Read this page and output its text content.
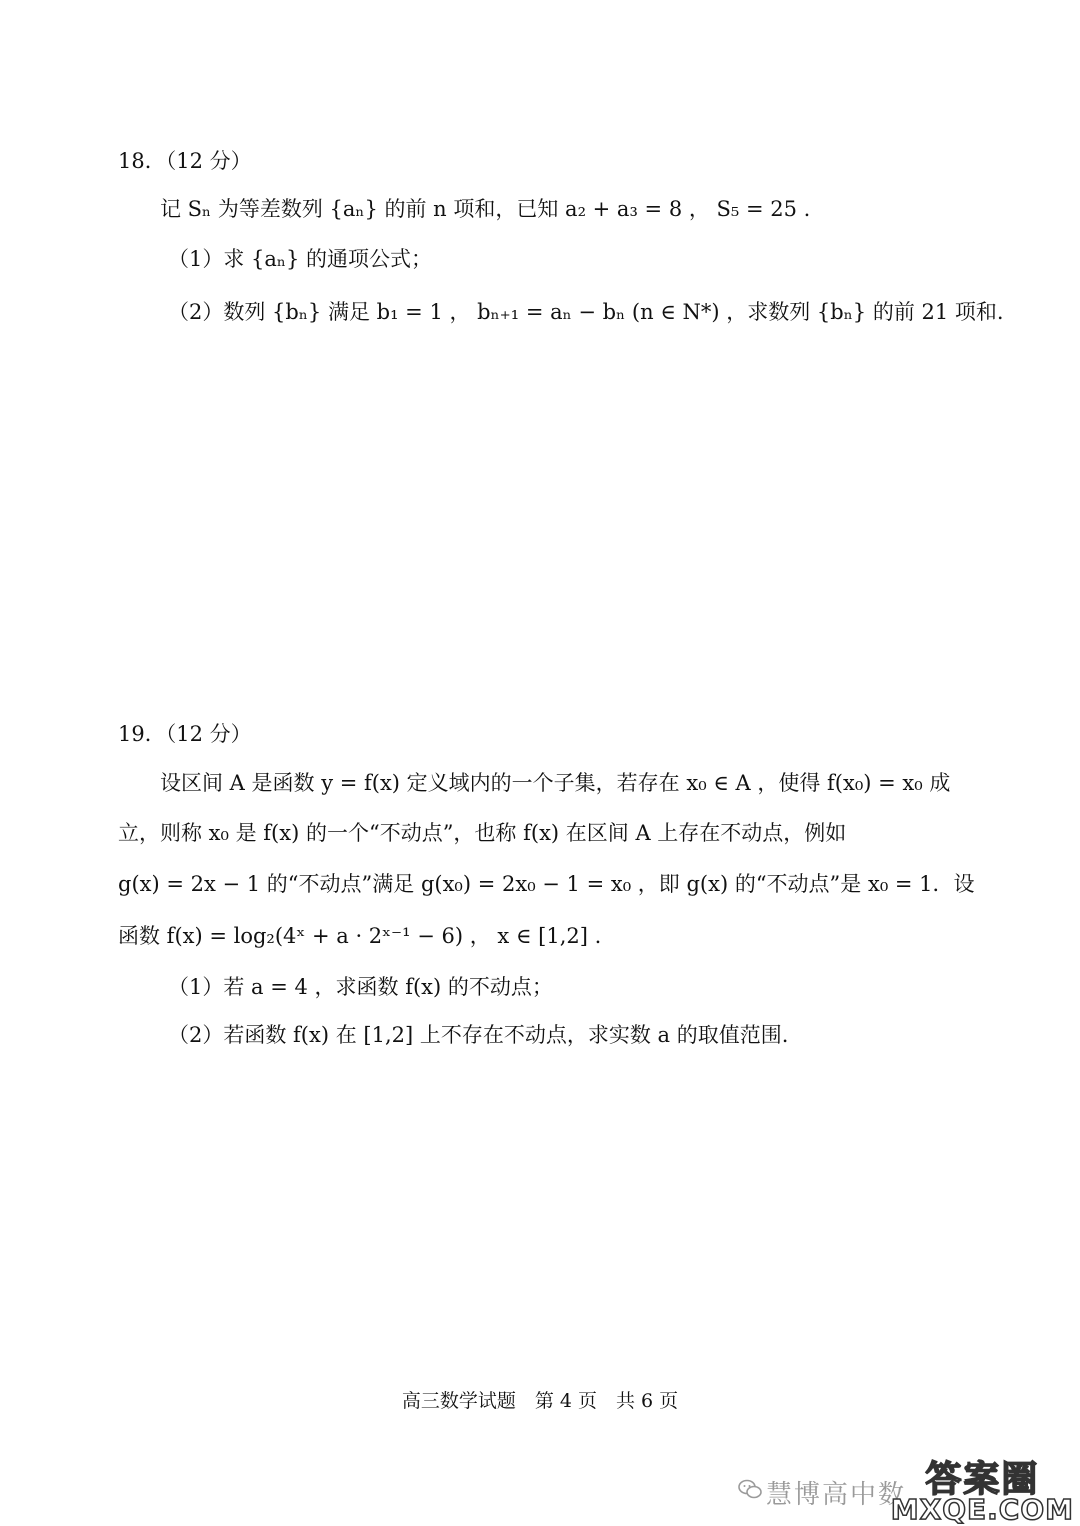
18．（12 分）
记 Sₙ 为等差数列 {aₙ} 的前 n 项和，已知 a₂ + a₃ = 8 ， S₅ = 25 .
（1）求 {aₙ} 的通项公式；
（2）数列 {bₙ} 满足 b₁ = 1 ， bₙ₊₁ = aₙ − bₙ (n ∈ N*) ，求数列 {bₙ} 的前 21 项和.
19．（12 分）
设区间 A 是函数 y = f(x) 定义域内的一个子集，若存在 x₀ ∈ A ，使得 f(x₀) = x₀ 成
立，则称 x₀ 是 f(x) 的一个“不动点”，也称 f(x) 在区间 A 上存在不动点，例如
g(x) = 2x − 1 的“不动点”满足 g(x₀) = 2x₀ − 1 = x₀ ，即 g(x) 的“不动点”是 x₀ = 1．设
函数 f(x) = log₂(4ˣ + a · 2ˣ⁻¹ − 6) ， x ∈ [1,2] .
（1）若 a = 4 ，求函数 f(x) 的不动点；
（2）若函数 f(x) 在 [1,2] 上不存在不动点，求实数 a 的取值范围.
高三数学试题　第 4 页　共 6 页
慧博高中数 答案圈
MXQE.COM
